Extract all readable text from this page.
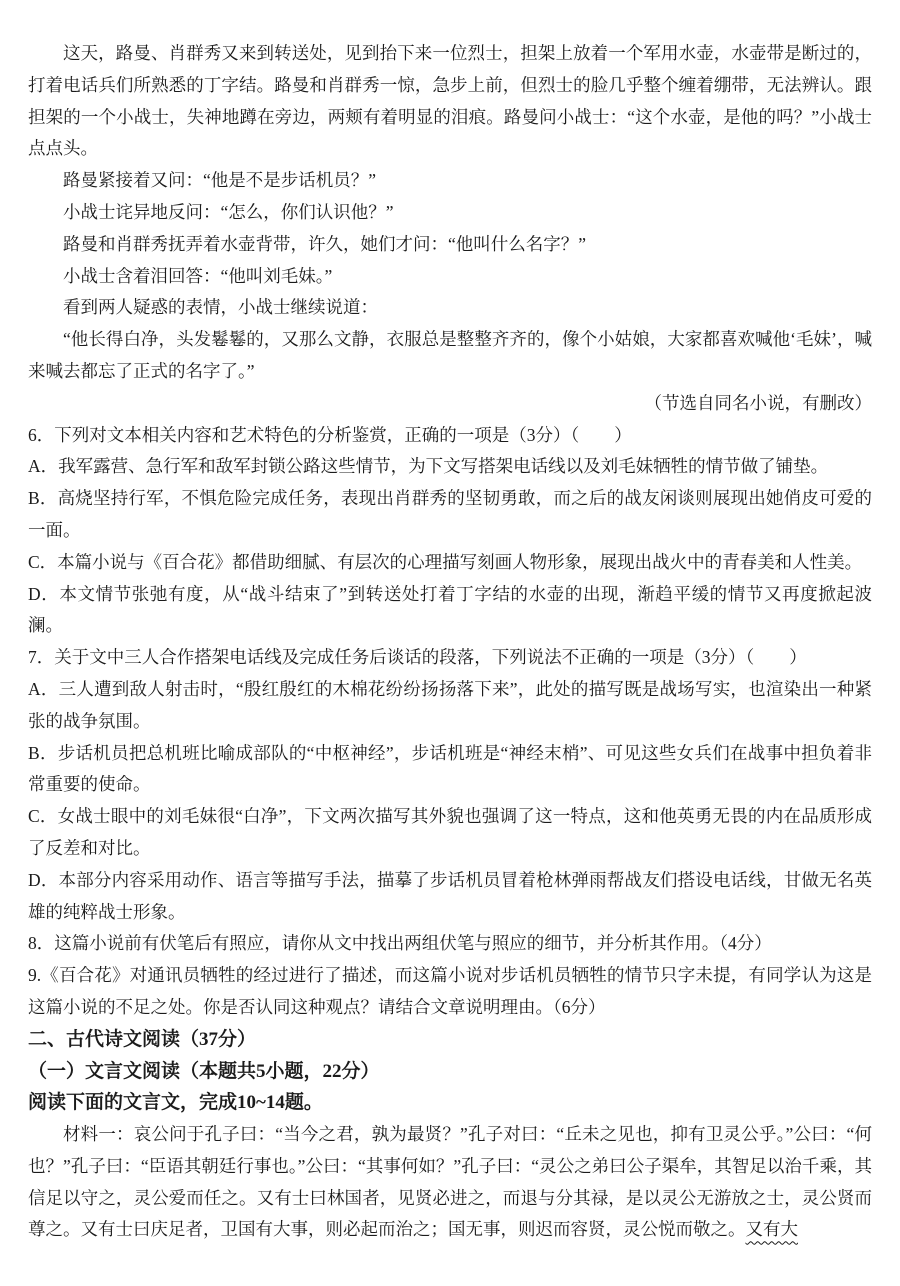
这天，路曼、肖群秀又来到转送处，见到抬下来一位烈士，担架上放着一个军用水壶，水壶带是断过的，打着电话兵们所熟悉的丁字结。路曼和肖群秀一惊，急步上前，但烈士的脸几乎整个缠着绷带，无法辨认。跟担架的一个小战士，失神地蹲在旁边，两颊有着明显的泪痕。路曼问小战士：“这个水壶，是他的吗？”小战士点点头。

路曼紧接着又问：“他是不是步话机员？”

小战士诧异地反问：“怎么，你们认识他？”

路曼和肖群秀抚弄着水壶背带，许久，她们才问：“他叫什么名字？”

小战士含着泪回答：“他叫刘毛妹。”

看到两人疑惑的表情，小战士继续说道：

“他长得白净，头发鬈鬈的，又那么文静，衣服总是整整齐齐的，像个小姑娘，大家都喜欢喊他‘毛妹’，喊来喊去都忘了正式的名字了。”

（节选自同名小说，有删改）

6．下列对文本相关内容和艺术特色的分析鉴赏，正确的一项是（3分）（　　）

A．我军露营、急行军和敌军封锁公路这些情节，为下文写搭架电话线以及刘毛妹牺牲的情节做了铺垫。

B．高烧坚持行军，不惧危险完成任务，表现出肖群秀的坚韧勇敢，而之后的战友闲谈则展现出她俏皮可爱的一面。

C．本篇小说与《百合花》都借助细腻、有层次的心理描写刻画人物形象，展现出战火中的青春美和人性美。

D．本文情节张弛有度，从“战斗结束了”到转送处打着丁字结的水壶的出现，渐趋平缓的情节又再度掀起波澜。

7．关于文中三人合作搭架电话线及完成任务后谈话的段落，下列说法不正确的一项是（3分）（　　）

A．三人遭到敌人射击时，“殷红殷红的木棉花纷纷扬扬落下来”，此处的描写既是战场写实，也渲染出一种紧张的战争氛围。

B．步话机员把总机班比喻成部队的“中枢神经”，步话机班是“神经末梢”、可见这些女兵们在战事中担负着非常重要的使命。

C．女战士眼中的刘毛妹很“白净”，下文两次描写其外貌也强调了这一特点，这和他英勇无畏的内在品质形成了反差和对比。

D．本部分内容采用动作、语言等描写手法，描摹了步话机员冒着枪林弹雨帮战友们搭设电话线，甘做无名英雄的纯粹战士形象。

8．这篇小说前有伏笔后有照应，请你从文中找出两组伏笔与照应的细节，并分析其作用。（4分）

9.《百合花》对通讯员牺牲的经过进行了描述，而这篇小说对步话机员牺牲的情节只字未提，有同学认为这是这篇小说的不足之处。你是否认同这种观点？请结合文章说明理由。（6分）

二、古代诗文阅读（37分）

（一）文言文阅读（本题共5小题，22分）

阅读下面的文言文，完成10~14题。

材料一：哀公问于孔子曰：“当今之君，孰为最贤？”孔子对曰：“丘未之见也，抑有卫灵公乎。”公曰：“何也？”孔子曰：“臣语其朝廷行事也。”公曰：“其事何如？”孔子曰：“灵公之弟曰公子渠牟，其智足以治千乘，其信足以守之，灵公爱而任之。又有士曰林国者，见贤必进之，而退与分其禄，是以灵公无游放之士，灵公贤而尊之。又有士曰庆足者，卫国有大事，则必起而治之；国无事，则迟而容贤，灵公悦而敬之。又有大
